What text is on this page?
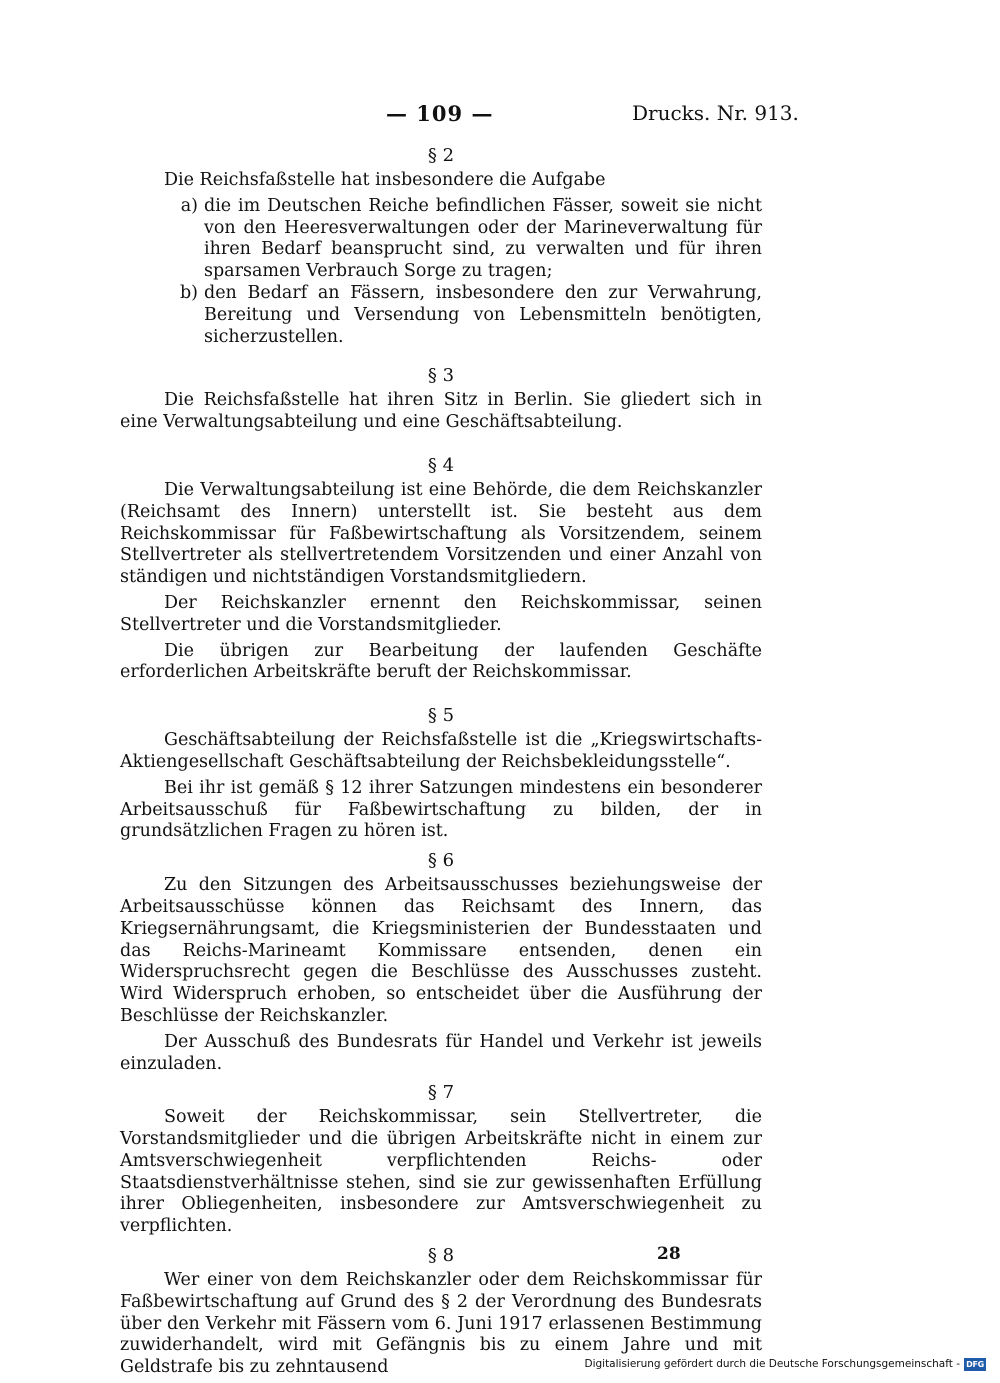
— 109 —	Drucks. Nr. 913.

§ 2

Die Reichsfaßstelle hat insbesondere die Aufgabe

a) die im Deutschen Reiche befindlichen Fässer, soweit sie nicht von den Heeresverwaltungen oder der Marineverwaltung für ihren Bedarf beansprucht sind, zu verwalten und für ihren sparsamen Verbrauch Sorge zu tragen;
b) den Bedarf an Fässern, insbesondere den zur Verwahrung, Bereitung und Versendung von Lebensmitteln benötigten, sicherzustellen.

§ 3

Die Reichsfaßstelle hat ihren Sitz in Berlin. Sie gliedert sich in eine Verwaltungsabteilung und eine Geschäftsabteilung.

§ 4

Die Verwaltungsabteilung ist eine Behörde, die dem Reichskanzler (Reichsamt des Innern) unterstellt ist. Sie besteht aus dem Reichskommissar für Faßbewirtschaftung als Vorsitzendem, seinem Stellvertreter als stellvertretendem Vorsitzenden und einer Anzahl von ständigen und nichtständigen Vorstandsmitgliedern.

Der Reichskanzler ernennt den Reichskommissar, seinen Stellvertreter und die Vorstandsmitglieder.

Die übrigen zur Bearbeitung der laufenden Geschäfte erforderlichen Arbeitskräfte beruft der Reichskommissar.

§ 5

Geschäftsabteilung der Reichsfaßstelle ist die „Kriegswirtschafts-Aktiengesellschaft Geschäftsabteilung der Reichsbekleidungsstelle“.

Bei ihr ist gemäß § 12 ihrer Satzungen mindestens ein besonderer Arbeitsausschuß für Faßbewirtschaftung zu bilden, der in grundsätzlichen Fragen zu hören ist.

§ 6

Zu den Sitzungen des Arbeitsausschusses beziehungsweise der Arbeitsausschüsse können das Reichsamt des Innern, das Kriegsernährungsamt, die Kriegsministerien der Bundesstaaten und das Reichs-Marineamt Kommissare entsenden, denen ein Widerspruchsrecht gegen die Beschlüsse des Ausschusses zusteht. Wird Widerspruch erhoben, so entscheidet über die Ausführung der Beschlüsse der Reichskanzler.

Der Ausschuß des Bundesrats für Handel und Verkehr ist jeweils einzuladen.

§ 7

Soweit der Reichskommissar, sein Stellvertreter, die Vorstandsmitglieder und die übrigen Arbeitskräfte nicht in einem zur Amtsverschwiegenheit verpflichtenden Reichs- oder Staatsdienstverhältnisse stehen, sind sie zur gewissenhaften Erfüllung ihrer Obliegenheiten, insbesondere zur Amtsverschwiegenheit zu verpflichten.

§ 8

Wer einer von dem Reichskanzler oder dem Reichskommissar für Faßbewirtschaftung auf Grund des § 2 der Verordnung des Bundesrats über den Verkehr mit Fässern vom 6. Juni 1917 erlassenen Bestimmung zuwiderhandelt, wird mit Gefängnis bis zu einem Jahre und mit Geldstrafe bis zu zehntausend

28
Digitalisierung gefördert durch die Deutsche Forschungsgemeinschaft - DFG
